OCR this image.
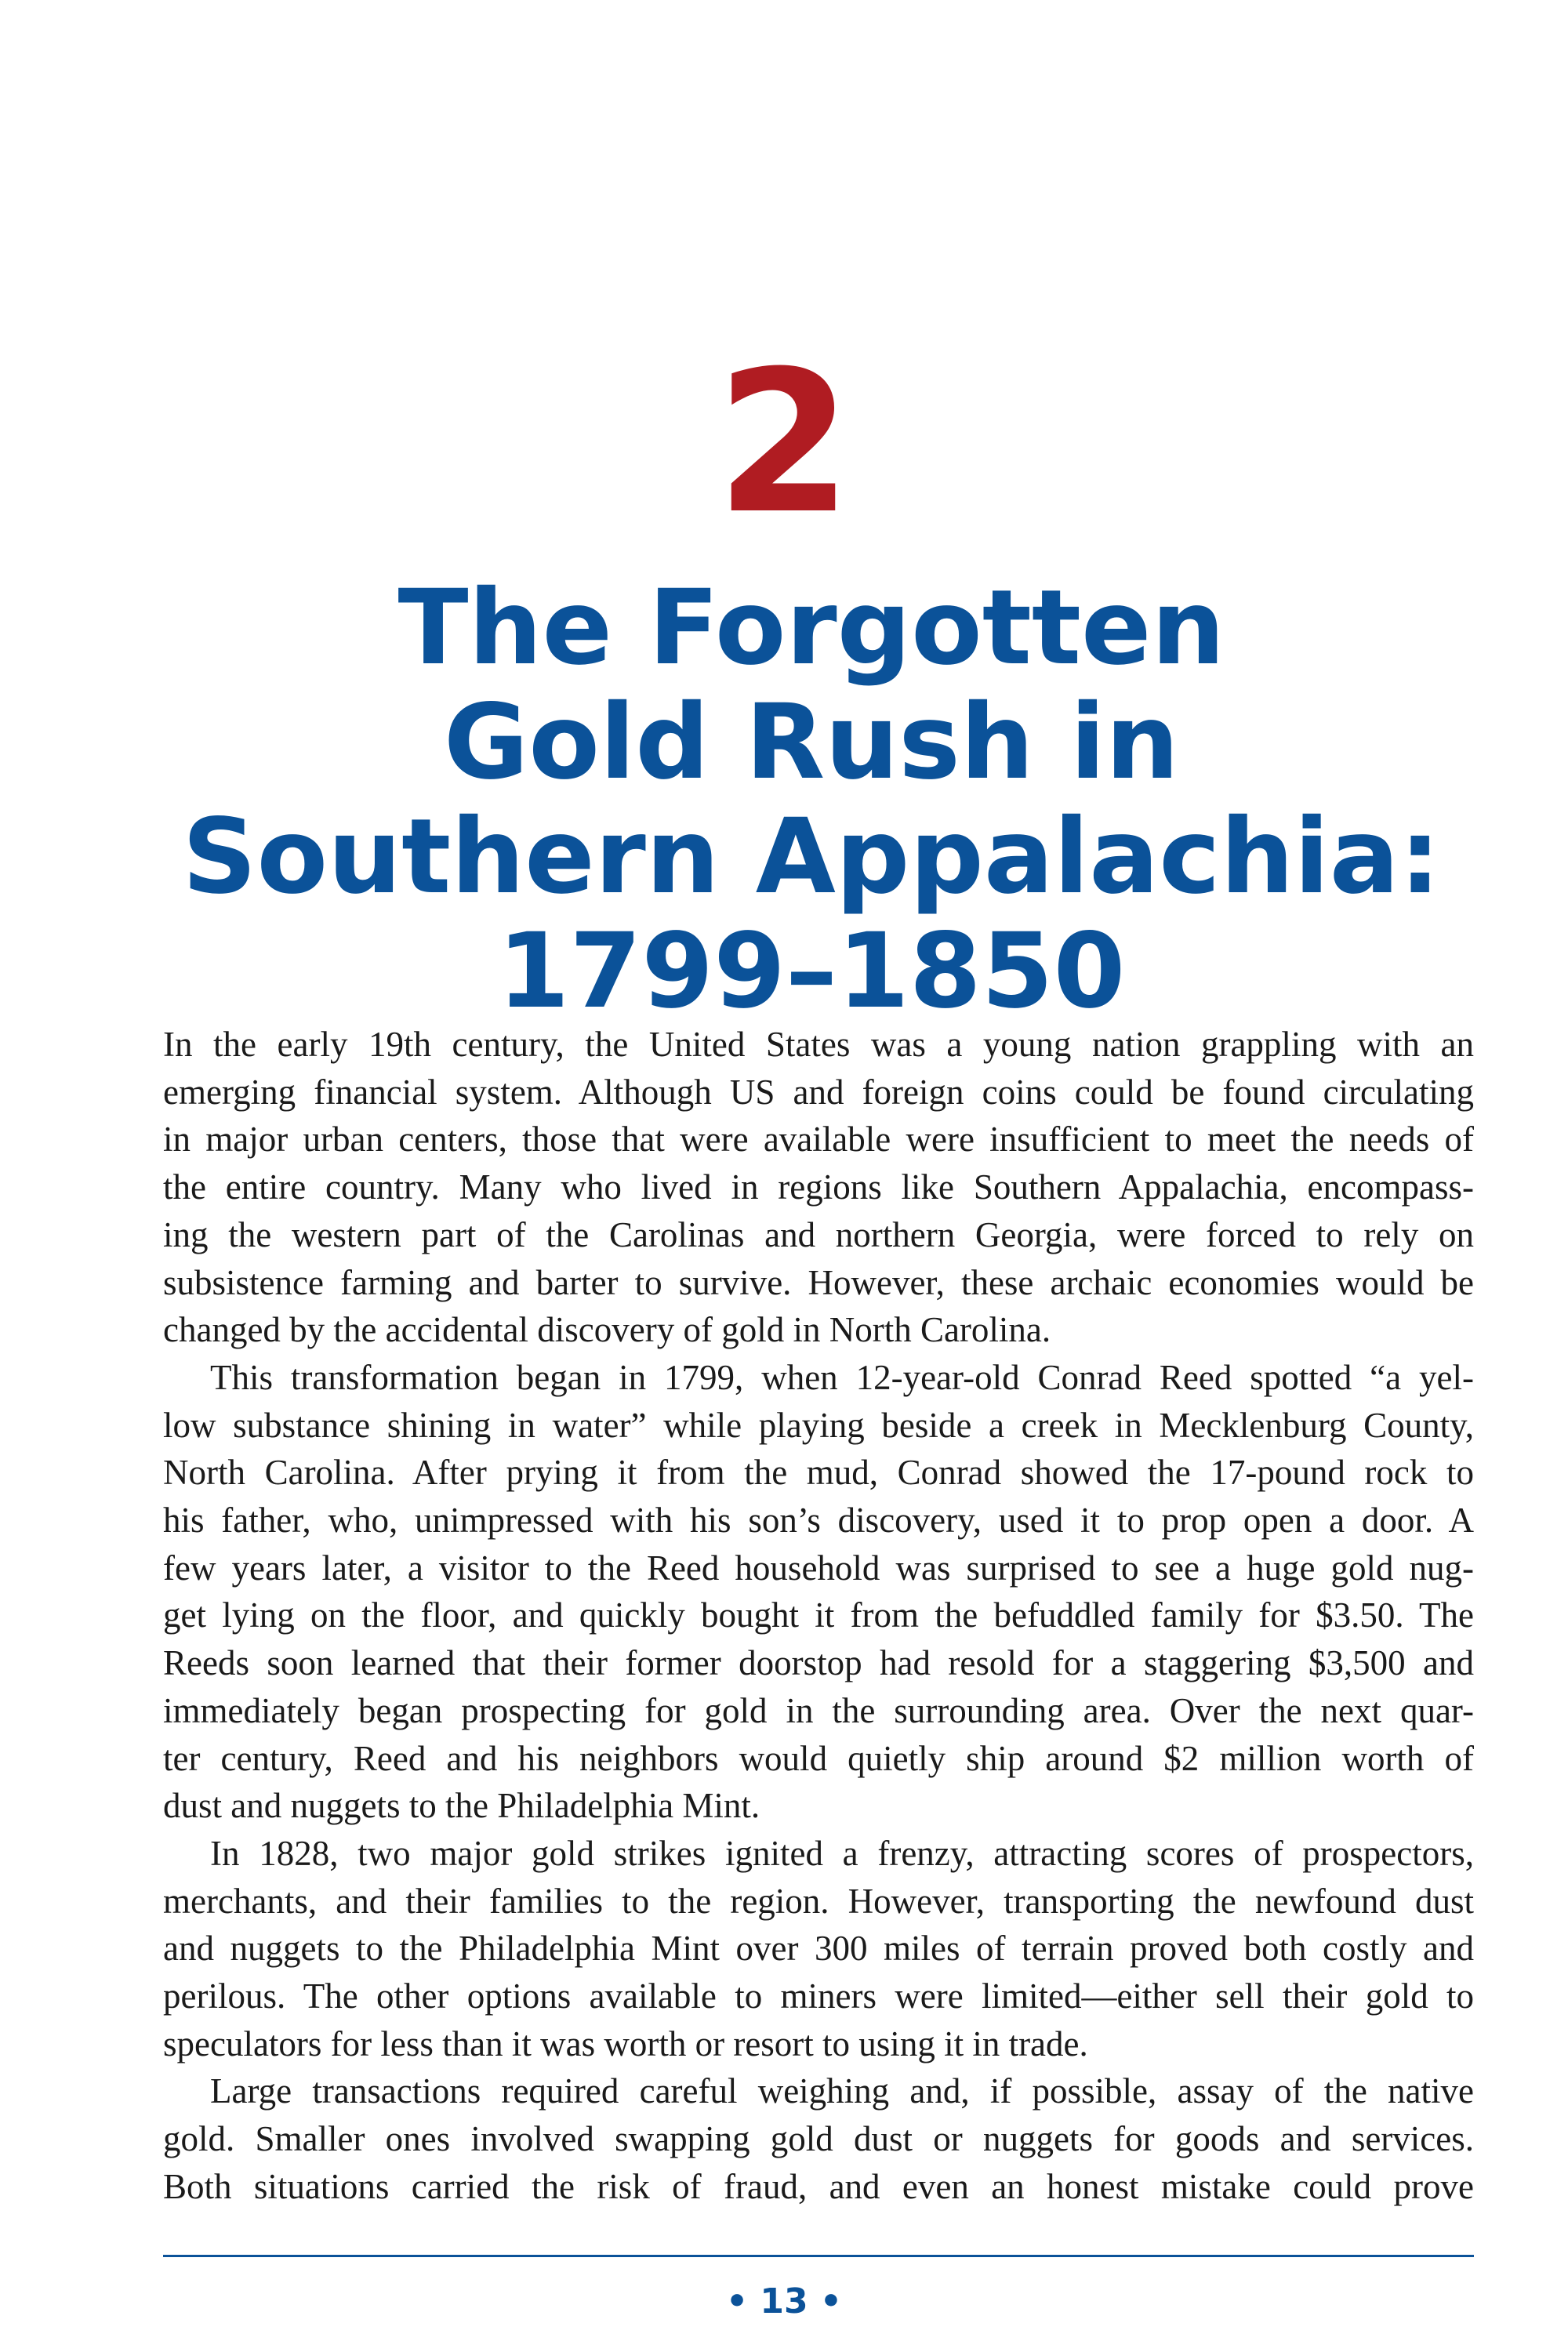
2
The Forgotten
Gold Rush in
Southern Appalachia:
1799–1850
In the early 19th century, the United States was a young nation grappling with an
emerging financial system. Although US and foreign coins could be found circulating
in major urban centers, those that were available were insufficient to meet the needs of
the entire country. Many who lived in regions like Southern Appalachia, encompass-
ing the western part of the Carolinas and northern Georgia, were forced to rely on
subsistence farming and barter to survive. However, these archaic economies would be
changed by the accidental discovery of gold in North Carolina.
This transformation began in 1799, when 12-year-old Conrad Reed spotted “a yel-
low substance shining in water” while playing beside a creek in Mecklenburg County,
North Carolina. After prying it from the mud, Conrad showed the 17-pound rock to
his father, who, unimpressed with his son’s discovery, used it to prop open a door. A
few years later, a visitor to the Reed household was surprised to see a huge gold nug-
get lying on the floor, and quickly bought it from the befuddled family for $3.50. The
Reeds soon learned that their former doorstop had resold for a staggering $3,500 and
immediately began prospecting for gold in the surrounding area. Over the next quar-
ter century, Reed and his neighbors would quietly ship around $2 million worth of
dust and nuggets to the Philadelphia Mint.
In 1828, two major gold strikes ignited a frenzy, attracting scores of prospectors,
merchants, and their families to the region. However, transporting the newfound dust
and nuggets to the Philadelphia Mint over 300 miles of terrain proved both costly and
perilous. The other options available to miners were limited—either sell their gold to
speculators for less than it was worth or resort to using it in trade.
Large transactions required careful weighing and, if possible, assay of the native
gold. Smaller ones involved swapping gold dust or nuggets for goods and services.
Both situations carried the risk of fraud, and even an honest mistake could prove
• 13 •
